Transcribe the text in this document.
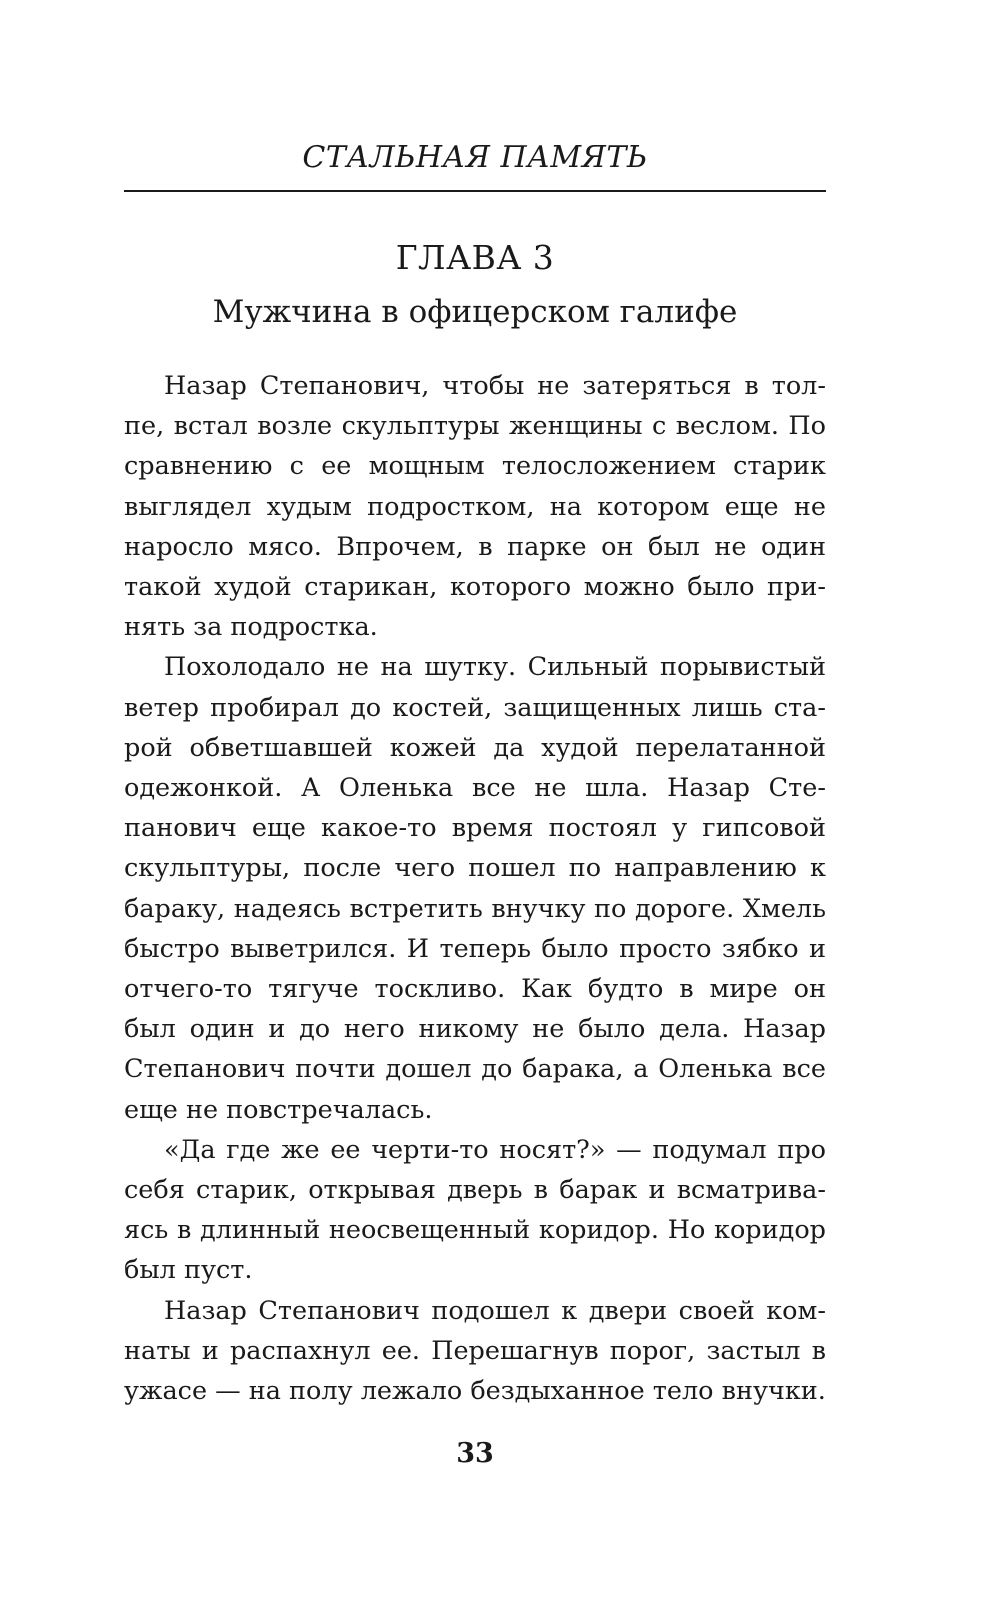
СТАЛЬНАЯ ПАМЯТЬ
ГЛАВА 3
Мужчина в офицерском галифе

Назар Степанович, чтобы не затеряться в толпе, встал возле скульптуры женщины с веслом. По сравнению с ее мощным телосложением старик выглядел худым подростком, на котором еще не наросло мясо. Впрочем, в парке он был не один такой худой старикан, которого можно было принять за подростка.

Похолодало не на шутку. Сильный порывистый ветер пробирал до костей, защищенных лишь старой обветшавшей кожей да худой перелатанной одежонкой. А Оленька все не шла. Назар Степанович еще какое-то время постоял у гипсовой скульптуры, после чего пошел по направлению к бараку, надеясь встретить внучку по дороге. Хмель быстро выветрился. И теперь было просто зябко и отчего-то тягуче тоскливо. Как будто в мире он был один и до него никому не было дела. Назар Степанович почти дошел до барака, а Оленька все еще не повстречалась.

«Да где же ее черти-то носят?» — подумал про себя старик, открывая дверь в барак и всматриваясь в длинный неосвещенный коридор. Но коридор был пуст.

Назар Степанович подошел к двери своей комнаты и распахнул ее. Перешагнув порог, застыл в ужасе — на полу лежало бездыханное тело внучки.

33
